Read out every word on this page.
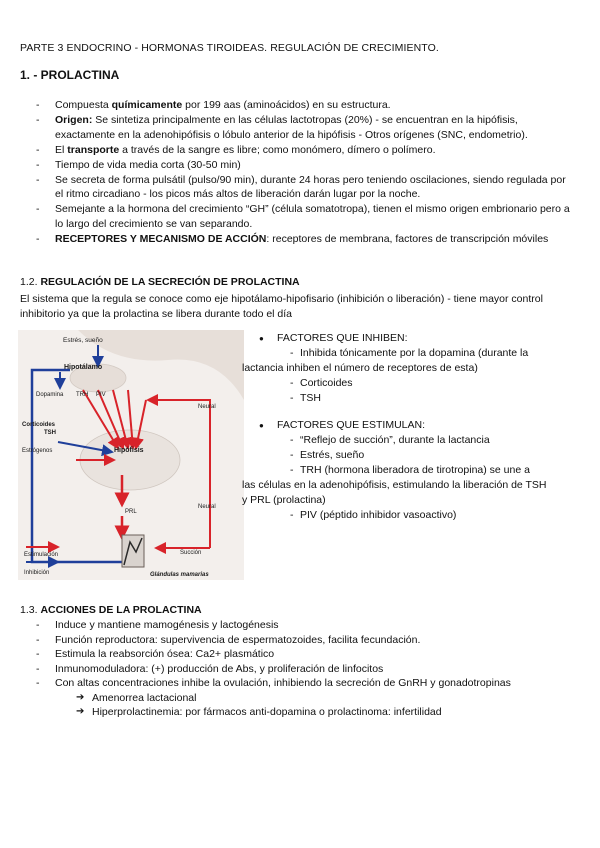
PARTE 3 ENDOCRINO - HORMONAS TIROIDEAS. REGULACIÓN DE CRECIMIENTO.
1. - PROLACTINA
- Compuesta químicamente por 199 aas (aminoácidos) en su estructura.
- Origen: Se sintetiza principalmente en las células lactotropas (20%) - se encuentran en la hipófisis, exactamente en la adenohipófisis o lóbulo anterior de la hipófisis - Otros orígenes (SNC, endometrio).
- El transporte a través de la sangre es libre; como monómero, dímero o polímero.
- Tiempo de vida media corta (30-50 min)
- Se secreta de forma pulsátil (pulso/90 min), durante 24 horas pero teniendo oscilaciones, siendo regulada por el ritmo circadiano - los picos más altos de liberación darán lugar por la noche.
- Semejante a la hormona del crecimiento “GH” (célula somatotropa), tienen el mismo origen embrionario pero a lo largo del crecimiento se van separando.
- RECEPTORES Y MECANISMO DE ACCIÓN: receptores de membrana, factores de transcripción móviles
1.2. REGULACIÓN DE LA SECRECIÓN DE PROLACTINA
El sistema que la regula se conoce como eje hipotálamo-hipofisario (inhibición o liberación) - tiene mayor control inhibitorio ya que la prolactina se libera durante todo el día
Estrés, sueño
Hipotálamo
Dopamina TRH PIV
Corticoides
TSH
Estrógenos	Hipófisis
PRL
Neural
Neural
Succión
Glándulas mamarias
Estimulación
Inhibición
● FACTORES QUE INHIBEN:
- Inhibida tónicamente por la dopamina (durante la
lactancia inhiben el número de receptores de esta)
- Corticoides
- TSH
● FACTORES QUE ESTIMULAN:
- “Reflejo de succión”, durante la lactancia
- Estrés, sueño
- TRH (hormona liberadora de tirotropina) se une a
las células en la adenohipófisis, estimulando la liberación de TSH
y PRL (prolactina)
- PIV (péptido inhibidor vasoactivo)
1.3. ACCIONES DE LA PROLACTINA
- Induce y mantiene mamogénesis y lactogénesis
- Función reproductora: supervivencia de espermatozoides, facilita fecundación.
- Estimula la reabsorción ósea: Ca2+ plasmático
- Inmunomoduladora: (+) producción de Abs, y proliferación de linfocitos
- Con altas concentraciones inhibe la ovulación, inhibiendo la secreción de GnRH y gonadotropinas
➔ Amenorrea lactacional
➔ Hiperprolactinemia: por fármacos anti-dopamina o prolactinoma: infertilidad
